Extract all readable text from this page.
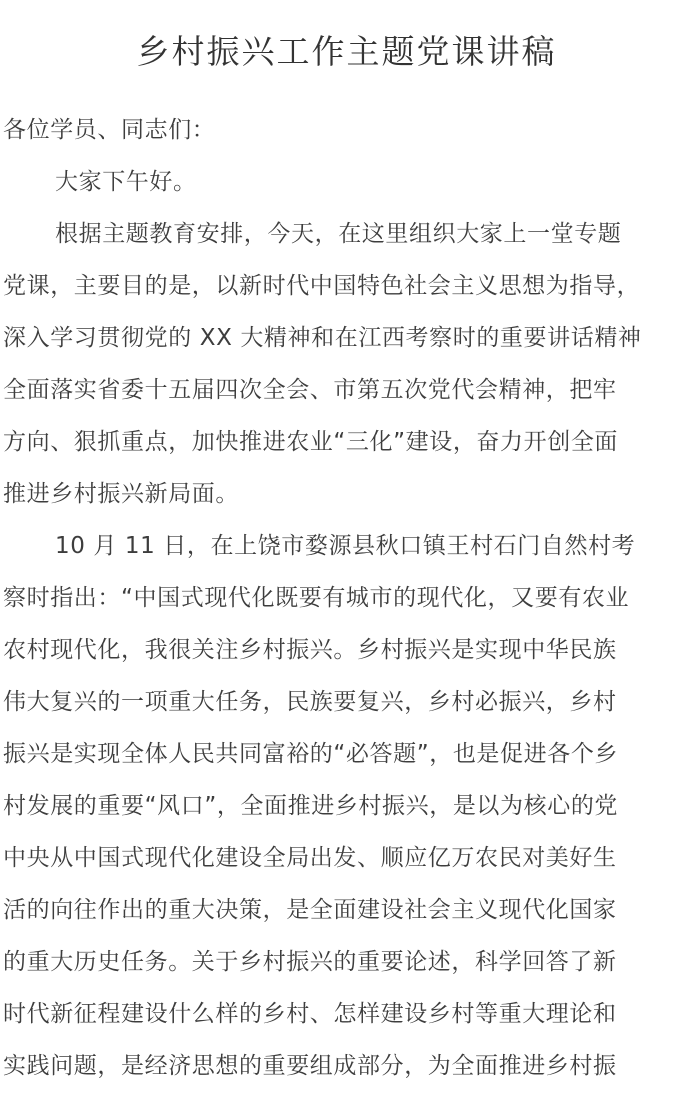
乡村振兴工作主题党课讲稿
各位学员、同志们：
大家下午好。
根据主题教育安排，今天，在这里组织大家上一堂专题
党课，主要目的是，以新时代中国特色社会主义思想为指导，
深入学习贯彻党的 XX 大精神和在江西考察时的重要讲话精神
全面落实省委十五届四次全会、市第五次党代会精神，把牢
方向、狠抓重点，加快推进农业“三化”建设，奋力开创全面
推进乡村振兴新局面。
10 月 11 日，在上饶市婺源县秋口镇王村石门自然村考
察时指出：“中国式现代化既要有城市的现代化，又要有农业
农村现代化，我很关注乡村振兴。乡村振兴是实现中华民族
伟大复兴的一项重大任务，民族要复兴，乡村必振兴，乡村
振兴是实现全体人民共同富裕的“必答题”，也是促进各个乡
村发展的重要“风口”，全面推进乡村振兴，是以为核心的党
中央从中国式现代化建设全局出发、顺应亿万农民对美好生
活的向往作出的重大决策，是全面建设社会主义现代化国家
的重大历史任务。关于乡村振兴的重要论述，科学回答了新
时代新征程建设什么样的乡村、怎样建设乡村等重大理论和
实践问题，是经济思想的重要组成部分，为全面推进乡村振
